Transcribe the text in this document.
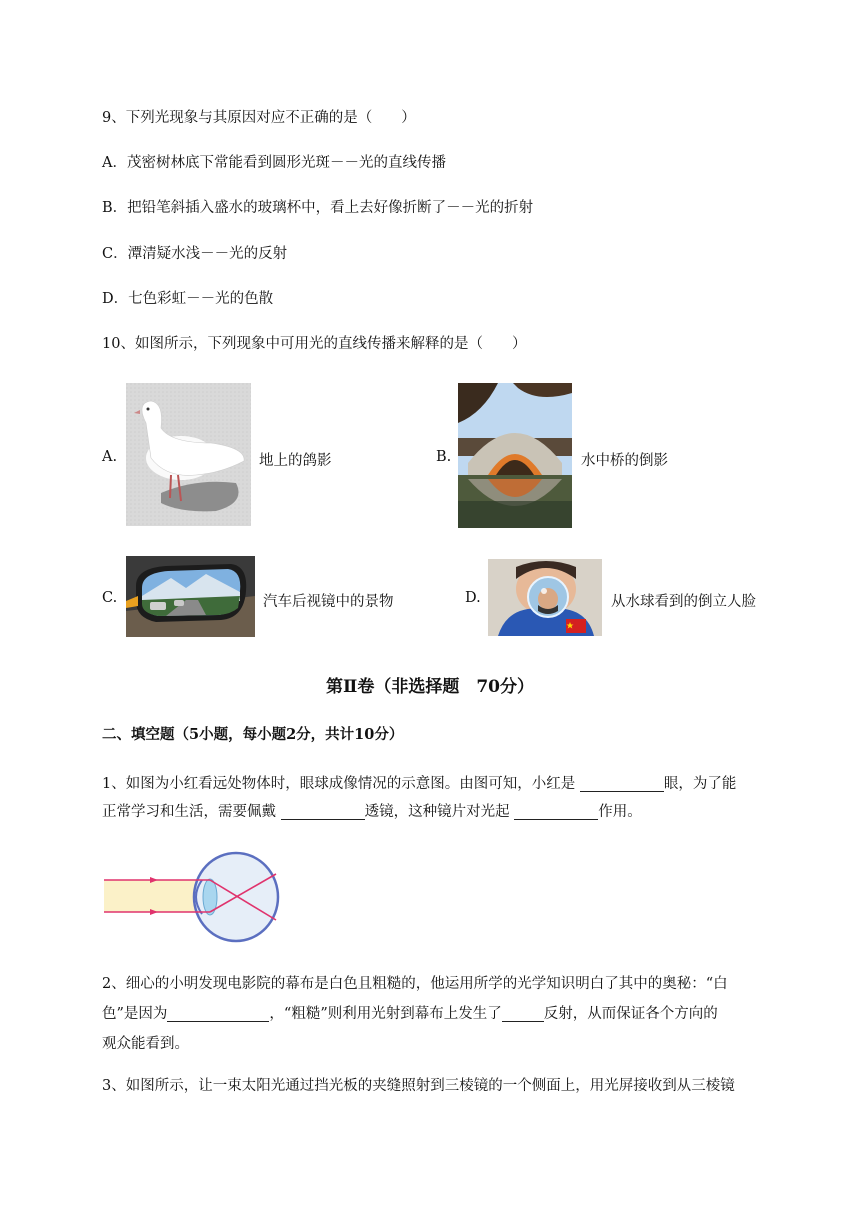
9、下列光现象与其原因对应不正确的是（　　）
A．茂密树林底下常能看到圆形光斑－－光的直线传播
B．把铅笔斜插入盛水的玻璃杯中，看上去好像折断了－－光的折射
C．潭清疑水浅－－光的反射
D．七色彩虹－－光的色散
10、如图所示，下列现象中可用光的直线传播来解释的是（　　）
A.	地上的鸽影	B.	水中桥的倒影
C.	汽车后视镜中的景物	D.	从水球看到的倒立人脸
第Ⅱ卷（非选择题　70分）
二、填空题（5小题，每小题2分，共计10分）
1、如图为小红看远处物体时，眼球成像情况的示意图。由图可知，小红是	眼，为了能
正常学习和生活，需要佩戴	透镜，这种镜片对光起	作用。
2、细心的小明发现电影院的幕布是白色且粗糙的，他运用所学的光学知识明白了其中的奥秘：“白
色”是因为	，“粗糙”则利用光射到幕布上发生了	反射，从而保证各个方向的
观众能看到。
3、如图所示，让一束太阳光通过挡光板的夹缝照射到三棱镜的一个侧面上，用光屏接收到从三棱镜
